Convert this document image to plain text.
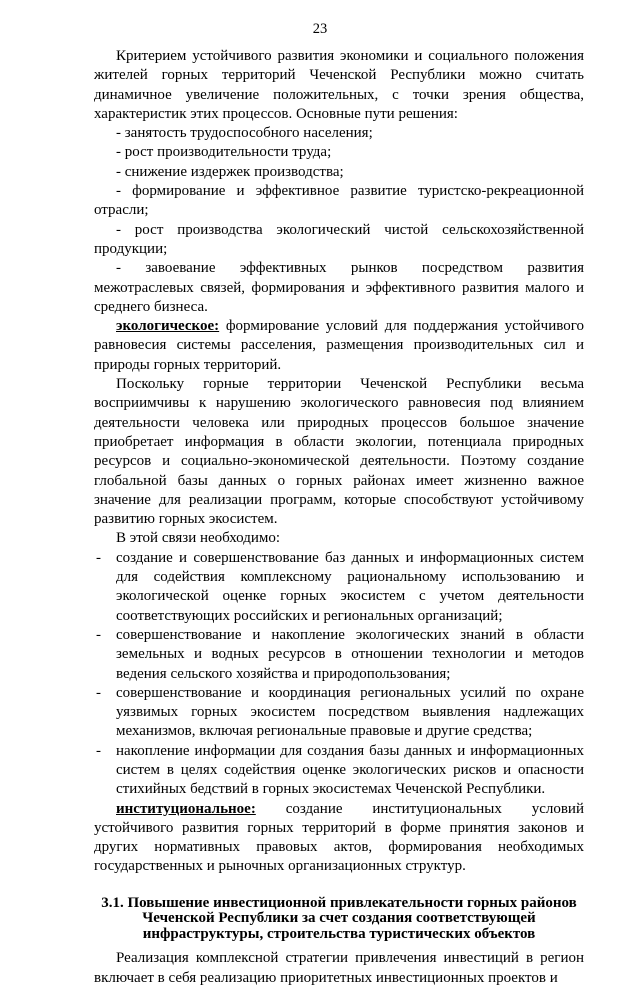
23

Критерием устойчивого развития экономики и социального положения жителей горных территорий Чеченской Республики можно считать динамичное увеличение положительных, с точки зрения общества, характеристик этих процессов. Основные пути решения:

- занятость трудоспособного населения;

- рост производительности труда;

- снижение издержек производства;

- формирование и эффективное развитие туристско-рекреационной отрасли;

- рост производства экологический чистой сельскохозяйственной продукции;

- завоевание эффективных рынков посредством развития межотраслевых связей, формирования и эффективного развития малого и среднего бизнеса.

экологическое: формирование условий для поддержания устойчивого равновесия системы расселения, размещения производительных сил и природы горных территорий.

Поскольку горные территории Чеченской Республики весьма восприимчивы к нарушению экологического равновесия под влиянием деятельности человека или природных процессов большое значение приобретает информация в области экологии, потенциала природных ресурсов и социально-экономической деятельности. Поэтому создание глобальной базы данных о горных районах имеет жизненно важное значение для реализации программ, которые способствуют устойчивому развитию горных экосистем.

В этой связи необходимо:

- создание и совершенствование баз данных и информационных систем для содействия комплексному рациональному использованию и экологической оценке горных экосистем с учетом деятельности соответствующих российских и региональных организаций;
- совершенствование и накопление экологических знаний в области земельных и водных ресурсов в отношении технологии и методов ведения сельского хозяйства и природопользования;
- совершенствование и координация региональных усилий по охране уязвимых горных экосистем посредством выявления надлежащих механизмов, включая региональные правовые и другие средства;
- накопление информации для создания базы данных и информационных систем в целях содействия оценке экологических рисков и опасности стихийных бедствий в горных экосистемах Чеченской Республики.

институциональное: создание институциональных условий устойчивого развития горных территорий в форме принятия законов и других нормативных правовых актов, формирования необходимых государственных и рыночных организационных структур.

3.1. Повышение инвестиционной привлекательности горных районов
Чеченской Республики за счет создания соответствующей
инфраструктуры, строительства туристических объектов

Реализация комплексной стратегии привлечения инвестиций в регион включает в себя реализацию приоритетных инвестиционных проектов и
